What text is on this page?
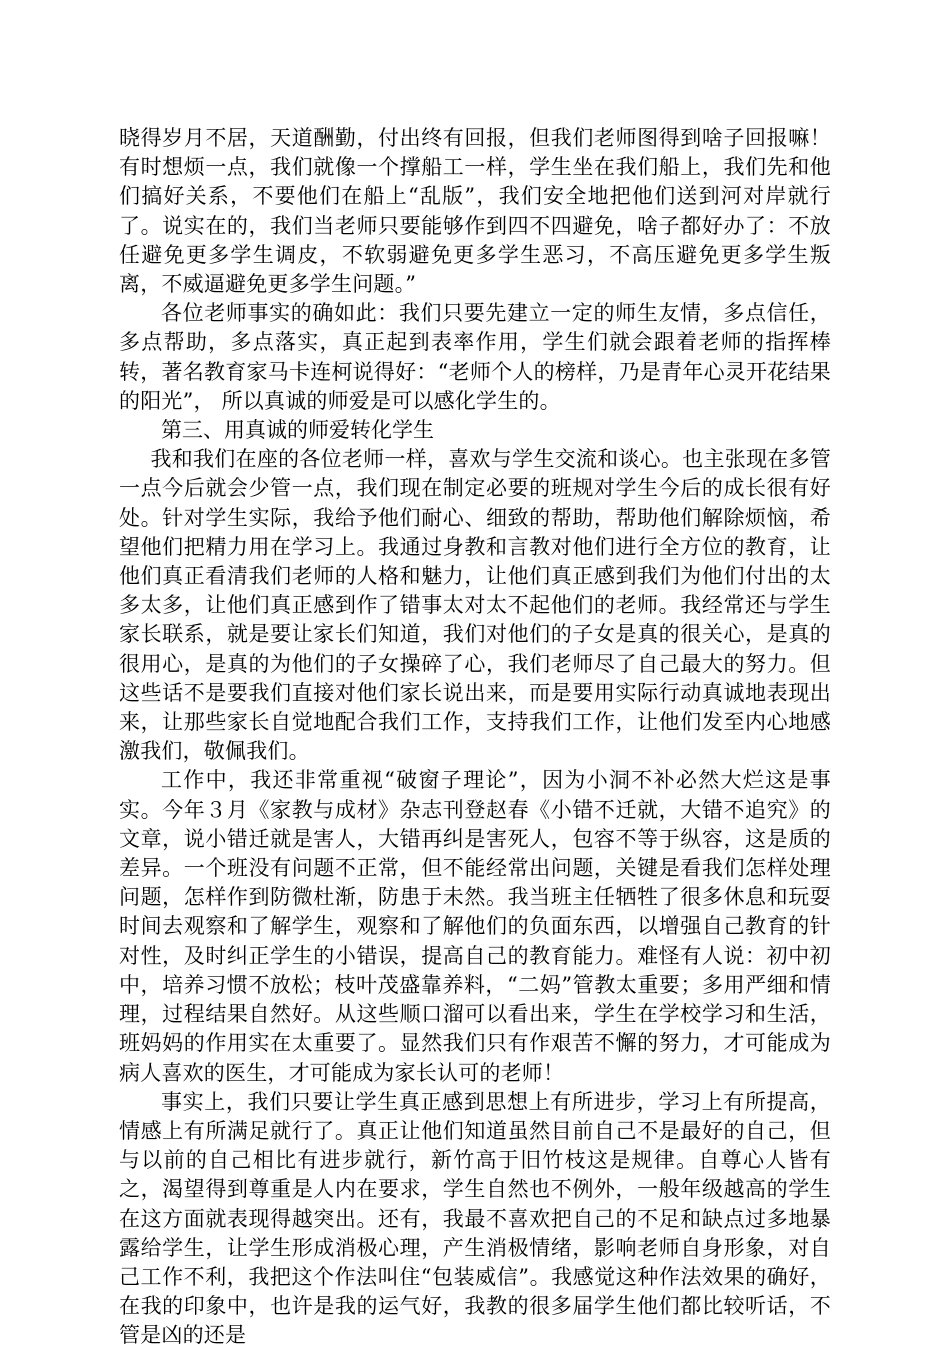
晓得岁月不居，天道酬勤，付出终有回报，但我们老师图得到啥子回报嘛！有时想烦一点，我们就像一个撑船工一样，学生坐在我们船上，我们先和他们搞好关系，不要他们在船上“乱版”，我们安全地把他们送到河对岸就行了。说实在的，我们当老师只要能够作到四不四避免，啥子都好办了：不放任避免更多学生调皮，不软弱避免更多学生恶习，不高压避免更多学生叛离，不威逼避免更多学生问题。”

各位老师事实的确如此：我们只要先建立一定的师生友情，多点信任，多点帮助，多点落实，真正起到表率作用，学生们就会跟着老师的指挥棒转，著名教育家马卡连柯说得好：“老师个人的榜样，乃是青年心灵开花结果的阳光”， 所以真诚的师爱是可以感化学生的。

第三、用真诚的师爱转化学生

我和我们在座的各位老师一样，喜欢与学生交流和谈心。也主张现在多管一点今后就会少管一点，我们现在制定必要的班规对学生今后的成长很有好处。针对学生实际，我给予他们耐心、细致的帮助，帮助他们解除烦恼，希望他们把精力用在学习上。我通过身教和言教对他们进行全方位的教育，让他们真正看清我们老师的人格和魅力，让他们真正感到我们为他们付出的太多太多，让他们真正感到作了错事太对太不起他们的老师。我经常还与学生家长联系，就是要让家长们知道，我们对他们的子女是真的很关心，是真的很用心，是真的为他们的子女操碎了心，我们老师尽了自己最大的努力。但这些话不是要我们直接对他们家长说出来，而是要用实际行动真诚地表现出来，让那些家长自觉地配合我们工作，支持我们工作，让他们发至内心地感激我们，敬佩我们。

工作中，我还非常重视“破窗子理论”，因为小洞不补必然大烂这是事实。今年３月《家教与成材》杂志刊登赵春《小错不迁就，大错不追究》的文章，说小错迁就是害人，大错再纠是害死人，包容不等于纵容，这是质的差异。一个班没有问题不正常，但不能经常出问题，关键是看我们怎样处理问题，怎样作到防微杜渐，防患于未然。我当班主任牺牲了很多休息和玩耍时间去观察和了解学生，观察和了解他们的负面东西，以增强自己教育的针对性，及时纠正学生的小错误，提高自己的教育能力。难怪有人说：初中初中，培养习惯不放松；枝叶茂盛靠养料，“二妈”管教太重要；多用严细和情理，过程结果自然好。从这些顺口溜可以看出来，学生在学校学习和生活，班妈妈的作用实在太重要了。显然我们只有作艰苦不懈的努力，才可能成为病人喜欢的医生，才可能成为家长认可的老师！

事实上，我们只要让学生真正感到思想上有所进步，学习上有所提高，情感上有所满足就行了。真正让他们知道虽然目前自己不是最好的自己，但与以前的自己相比有进步就行，新竹高于旧竹枝这是规律。自尊心人皆有之，渴望得到尊重是人内在要求，学生自然也不例外，一般年级越高的学生在这方面就表现得越突出。还有，我最不喜欢把自己的不足和缺点过多地暴露给学生，让学生形成消极心理，产生消极情绪，影响老师自身形象，对自己工作不利，我把这个作法叫住“包装威信”。我感觉这种作法效果的确好，在我的印象中，也许是我的运气好，我教的很多届学生他们都比较听话，不管是凶的还是
